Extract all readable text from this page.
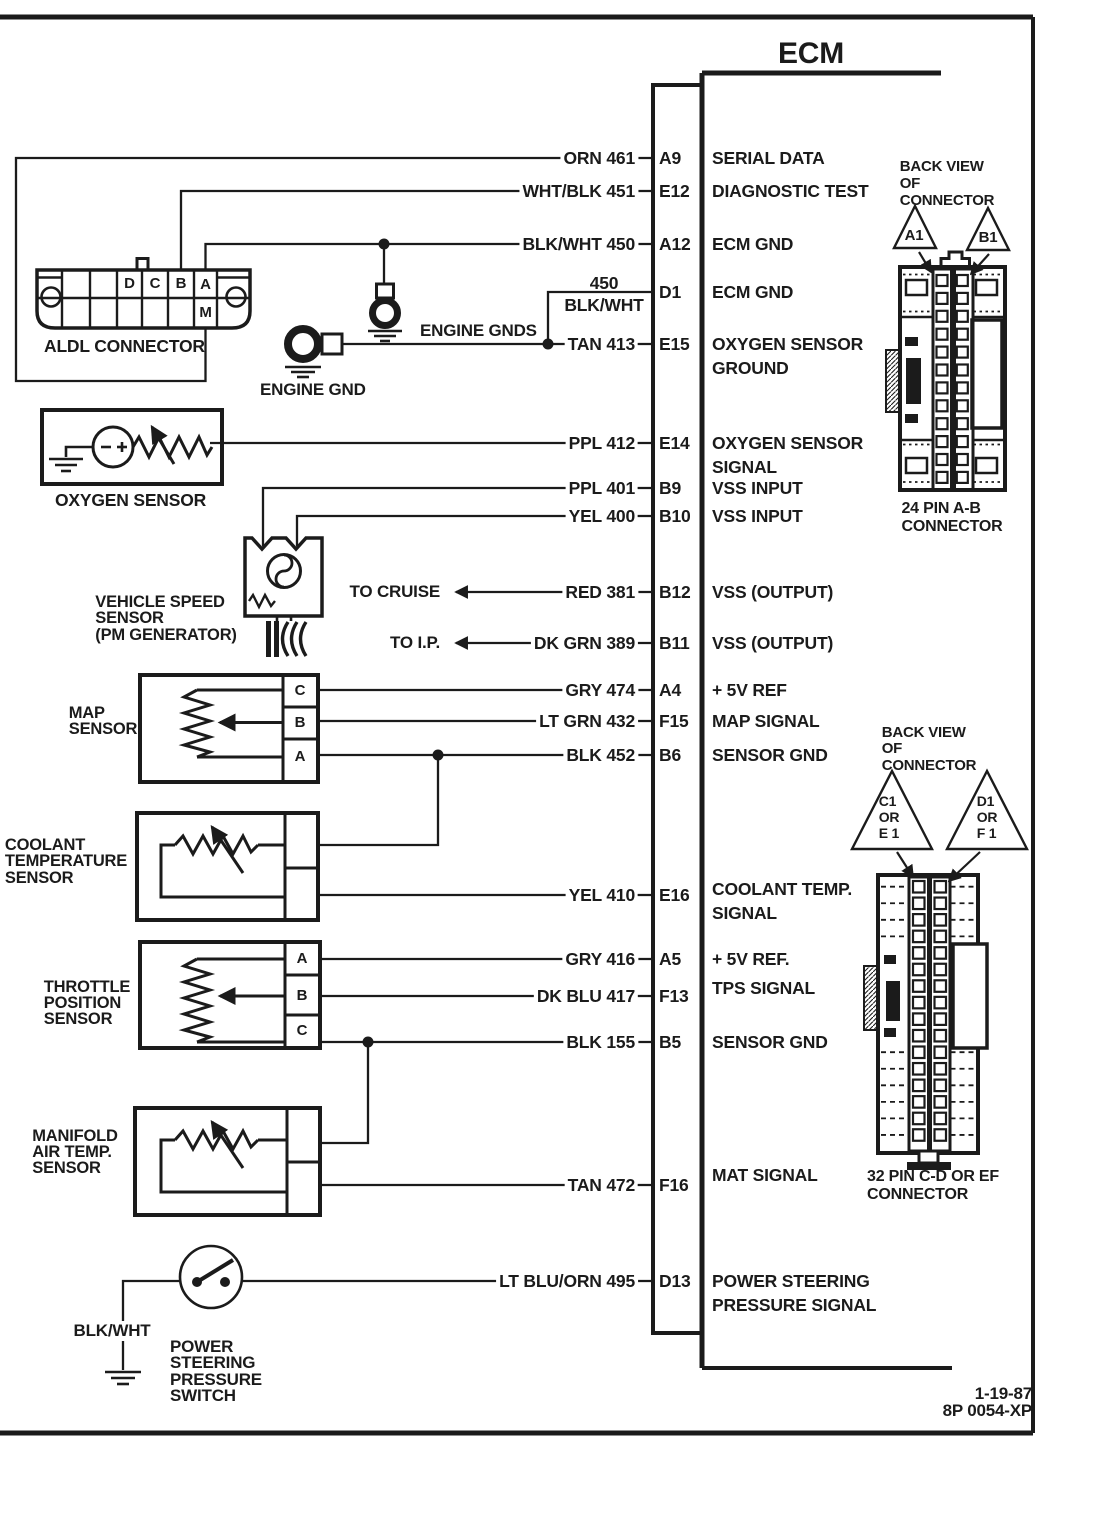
ECM
1-19-87
8P 0054-XP
ALDL CONNECTOR
ENGINE GNDS
ENGINE GND
OXYGEN SENSOR
VEHICLE SPEED
SENSOR
(PM GENERATOR)
TO CRUISE
TO I.P.
MAP
SENSOR
COOLANT
TEMPERATURE
SENSOR
THROTTLE
POSITION
SENSOR
MANIFOLD
AIR TEMP.
SENSOR
BLK/WHT
POWER
STEERING
PRESSURE
SWITCH
BACK VIEW
OF
CONNECTOR
A1	B1
24 PIN A-B
CONNECTOR
BACK VIEW
OF
CONNECTOR
C1
OR
E 1
D1
OR
F 1
32 PIN C-D OR EF
CONNECTOR
D C B A
M
C
B
A
A
B
C
ORN 461 A9 SERIAL DATA
WHT/BLK 451 E12 DIAGNOSTIC TEST
BLK/WHT 450 A12 ECM GND
450
BLK/WHT
D1 ECM GND
TAN 413 E15 OXYGEN SENSOR
GROUND
PPL 412 E14 OXYGEN SENSOR
SIGNAL
PPL 401 B9 VSS INPUT
YEL 400 B10 VSS INPUT
RED 381 B12 VSS (OUTPUT)
DK GRN 389 B11 VSS (OUTPUT)
GRY 474 A4 + 5V REF
LT GRN 432 F15 MAP SIGNAL
BLK 452 B6 SENSOR GND
YEL 410 E16 COOLANT TEMP.
SIGNAL
GRY 416 A5 + 5V REF.
DK BLU 417 F13 TPS SIGNAL
BLK 155 B5 SENSOR GND
TAN 472 F16 MAT SIGNAL
LT BLU/ORN 495 D13 POWER STEERING
PRESSURE SIGNAL
